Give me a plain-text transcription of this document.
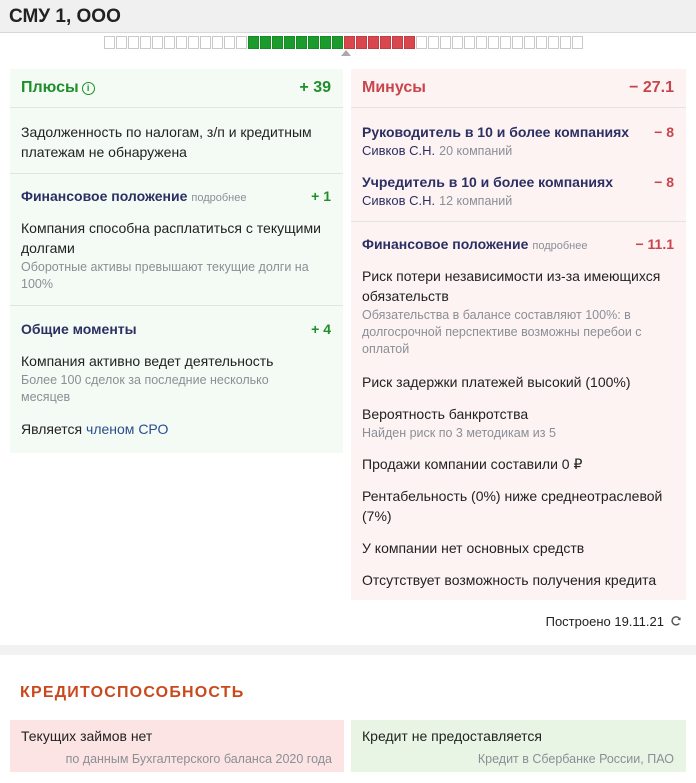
СМУ 1, ООО
Плюсы i	+ 39
Задолженность по налогам, з/п и кредитным платежам не обнаружена
Финансовое положение подробнее	+ 1
Компания способна расплатиться с текущими долгами
Оборотные активы превышают текущие долги на 100%
Общие моменты	+ 4
Компания активно ведет деятельность
Более 100 сделок за последние несколько месяцев
Является членом СРО
Минусы	− 27.1
Руководитель в 10 и более компаниях − 8
Сивков С.Н. 20 компаний
Учредитель в 10 и более компаниях	− 8
Сивков С.Н. 12 компаний
Финансовое положение подробнее	− 11.1
Риск потери независимости из-за имеющихся обязательств
Обязательства в балансе составляют 100%: в долгосрочной перспективе возможны перебои с оплатой
Риск задержки платежей высокий (100%)
Вероятность банкротства
Найден риск по 3 методикам из 5
Продажи компании составили 0 ₽
Рентабельность (0%) ниже среднеотраслевой (7%)
У компании нет основных средств
Отсутствует возможность получения кредита
Построено 19.11.21
КРЕДИТОСПОСОБНОСТЬ
Текущих займов нет
по данным Бухгалтерского баланса 2020 года
Кредит не предоставляется
Кредит в Сбербанке России, ПАО
